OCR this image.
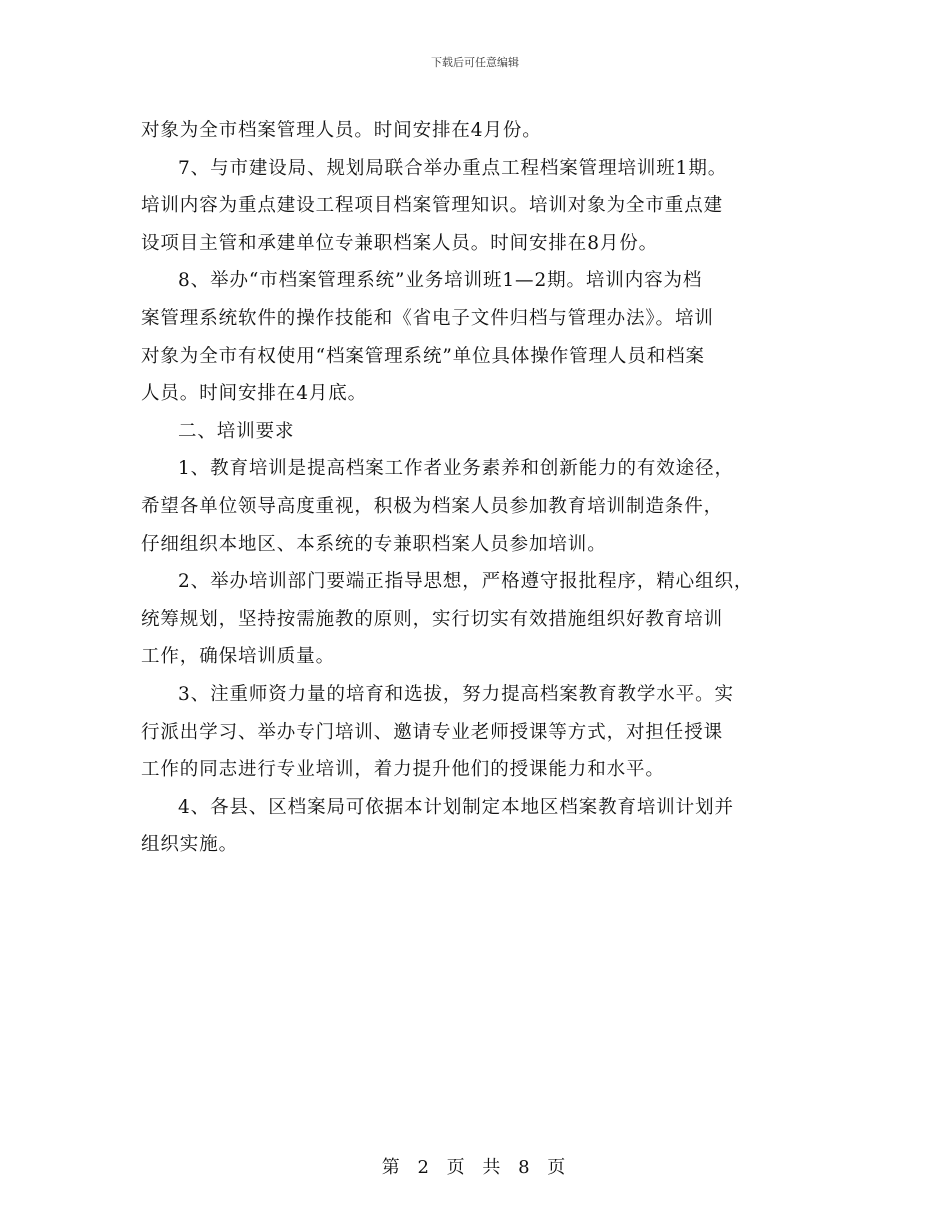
下载后可任意编辑
对象为全市档案管理人员。时间安排在4月份。
7、与市建设局、规划局联合举办重点工程档案管理培训班1期。
培训内容为重点建设工程项目档案管理知识。培训对象为全市重点建
设项目主管和承建单位专兼职档案人员。时间安排在8月份。
8、举办“市档案管理系统”业务培训班1—2期。培训内容为档
案管理系统软件的操作技能和《省电子文件归档与管理办法》。培训
对象为全市有权使用“档案管理系统”单位具体操作管理人员和档案
人员。时间安排在4月底。
二、培训要求
1、教育培训是提高档案工作者业务素养和创新能力的有效途径，
希望各单位领导高度重视，积极为档案人员参加教育培训制造条件，
仔细组织本地区、本系统的专兼职档案人员参加培训。
2、举办培训部门要端正指导思想，严格遵守报批程序，精心组织，
统筹规划，坚持按需施教的原则，实行切实有效措施组织好教育培训
工作，确保培训质量。
3、注重师资力量的培育和选拔，努力提高档案教育教学水平。实
行派出学习、举办专门培训、邀请专业老师授课等方式，对担任授课
工作的同志进行专业培训，着力提升他们的授课能力和水平。
4、各县、区档案局可依据本计划制定本地区档案教育培训计划并
组织实施。
第 2 页 共 8 页
